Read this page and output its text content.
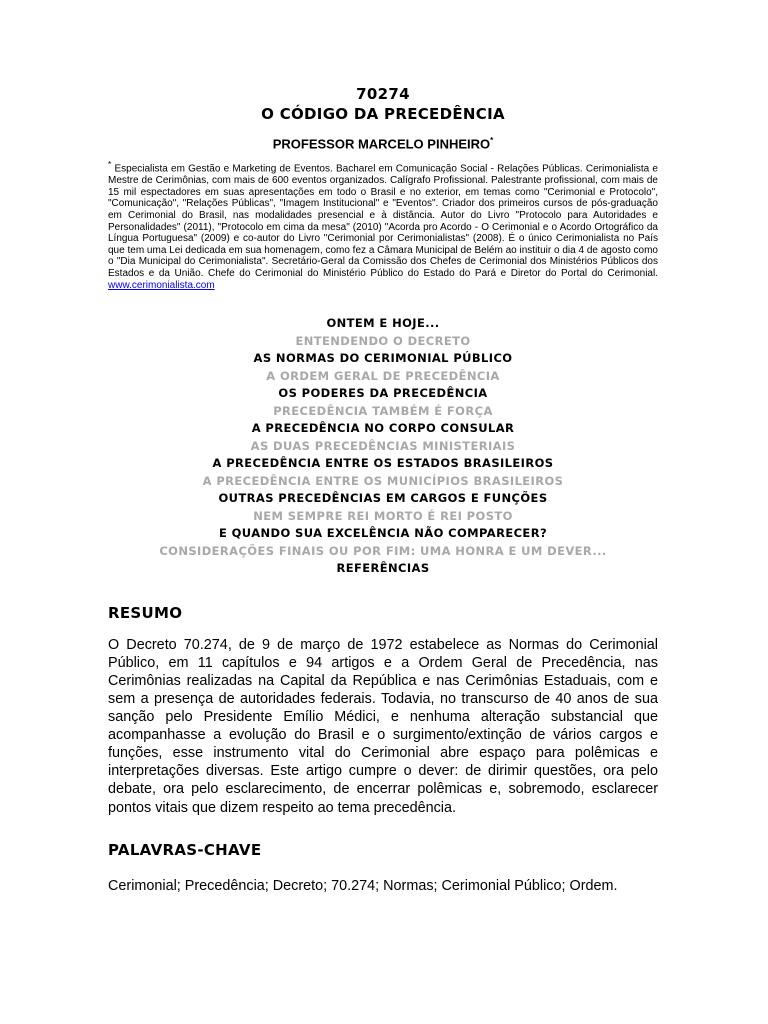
70274
O CÓDIGO DA PRECEDÊNCIA
PROFESSOR MARCELO PINHEIRO*
* Especialista em Gestão e Marketing de Eventos. Bacharel em Comunicação Social - Relações Públicas. Cerimonialista e Mestre de Cerimônias, com mais de 600 eventos organizados. Calígrafo Profissional. Palestrante profissional, com mais de 15 mil espectadores em suas apresentações em todo o Brasil e no exterior, em temas como "Cerimonial e Protocolo", "Comunicação", "Relações Públicas", "Imagem Institucional" e "Eventos". Criador dos primeiros cursos de pós-graduação em Cerimonial do Brasil, nas modalidades presencial e à distância. Autor do Livro "Protocolo para Autoridades e Personalidades" (2011), "Protocolo em cima da mesa" (2010) "Acorda pro Acordo - O Cerimonial e o Acordo Ortográfico da Língua Portuguesa" (2009) e co-autor do Livro "Cerimonial por Cerimonialistas" (2008). É o único Cerimonialista no País que tem uma Lei dedicada em sua homenagem, como fez a Câmara Municipal de Belém ao instituir o dia 4 de agosto como o "Dia Municipal do Cerimonialista". Secretário-Geral da Comissão dos Chefes de Cerimonial dos Ministérios Públicos dos Estados e da União. Chefe do Cerimonial do Ministério Público do Estado do Pará e Diretor do Portal do Cerimonial. www.cerimonialista.com
ONTEM E HOJE...
ENTENDENDO O DECRETO
AS NORMAS DO CERIMONIAL PÚBLICO
A ORDEM GERAL DE PRECEDÊNCIA
OS PODERES DA PRECEDÊNCIA
PRECEDÊNCIA TAMBÉM É FORÇA
A PRECEDÊNCIA NO CORPO CONSULAR
AS DUAS PRECEDÊNCIAS MINISTERIAIS
A PRECEDÊNCIA ENTRE OS ESTADOS BRASILEIROS
A PRECEDÊNCIA ENTRE OS MUNICÍPIOS BRASILEIROS
OUTRAS PRECEDÊNCIAS EM CARGOS E FUNÇÕES
NEM SEMPRE REI MORTO É REI POSTO
E QUANDO SUA EXCELÊNCIA NÃO COMPARECER?
CONSIDERAÇÕES FINAIS OU POR FIM: UMA HONRA E UM DEVER...
REFERÊNCIAS
RESUMO
O Decreto 70.274, de 9 de março de 1972 estabelece as Normas do Cerimonial Público, em 11 capítulos e 94 artigos e a Ordem Geral de Precedência, nas Cerimônias realizadas na Capital da República e nas Cerimônias Estaduais, com e sem a presença de autoridades federais. Todavia, no transcurso de 40 anos de sua sanção pelo Presidente Emílio Médici, e nenhuma alteração substancial que acompanhasse a evolução do Brasil e o surgimento/extinção de vários cargos e funções, esse instrumento vital do Cerimonial abre espaço para polêmicas e interpretações diversas. Este artigo cumpre o dever: de dirimir questões, ora pelo debate, ora pelo esclarecimento, de encerrar polêmicas e, sobremodo, esclarecer pontos vitais que dizem respeito ao tema precedência.
PALAVRAS-CHAVE
Cerimonial; Precedência; Decreto; 70.274; Normas; Cerimonial Público; Ordem.
